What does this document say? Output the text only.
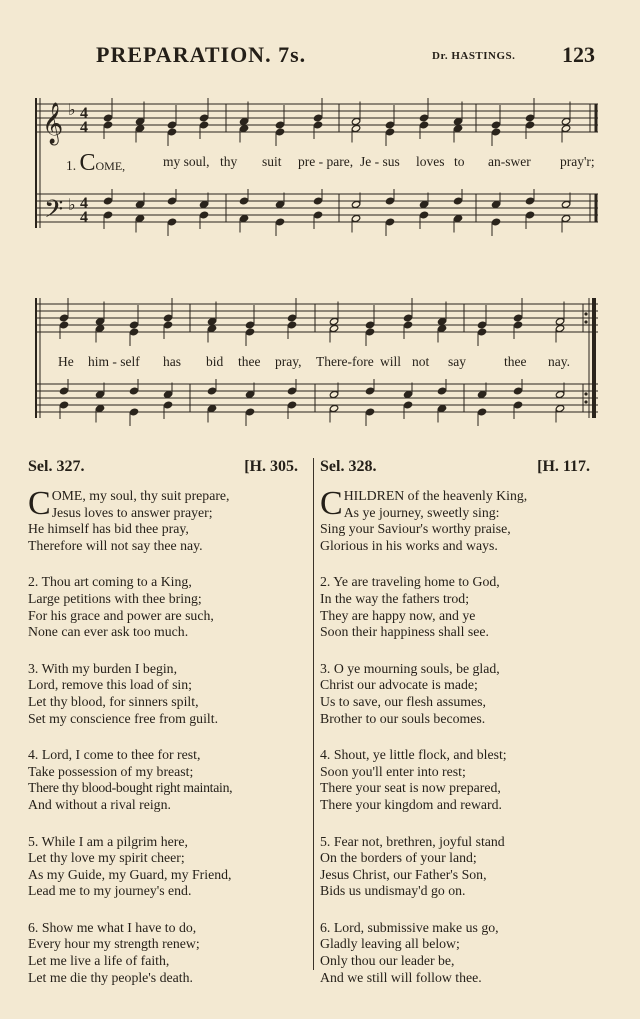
PREPARATION. 7s.	Dr. HASTINGS. 123
𝄞
𝄢
♭
♭
4
4
4
4
1. COME,	my soul, thy suit pre - pare, Je - sus loves to an-swer pray'r;
He him - self has bid thee pray, There-fore will not say	thee nay.
Sel. 327.	[H. 305.
C OME, my soul, thy suit prepare,
Jesus loves to answer prayer;
He himself has bid thee pray,
Therefore will not say thee nay.
2. Thou art coming to a King,
Large petitions with thee bring;
For his grace and power are such,
None can ever ask too much.
3. With my burden I begin,
Lord, remove this load of sin;
Let thy blood, for sinners spilt,
Set my conscience free from guilt.
4. Lord, I come to thee for rest,
Take possession of my breast;
There thy blood-bought right maintain,
And without a rival reign.
5. While I am a pilgrim here,
Let thy love my spirit cheer;
As my Guide, my Guard, my Friend,
Lead me to my journey's end.
6. Show me what I have to do,
Every hour my strength renew;
Let me live a life of faith,
Let me die thy people's death.
Sel. 328.	[H. 117.
C HILDREN of the heavenly King,
As ye journey, sweetly sing:
Sing your Saviour's worthy praise,
Glorious in his works and ways.
2. Ye are traveling home to God,
In the way the fathers trod;
They are happy now, and ye
Soon their happiness shall see.
3. O ye mourning souls, be glad,
Christ our advocate is made;
Us to save, our flesh assumes,
Brother to our souls becomes.
4. Shout, ye little flock, and blest;
Soon you'll enter into rest;
There your seat is now prepared,
There your kingdom and reward.
5. Fear not, brethren, joyful stand
On the borders of your land;
Jesus Christ, our Father's Son,
Bids us undismay'd go on.
6. Lord, submissive make us go,
Gladly leaving all below;
Only thou our leader be,
And we still will follow thee.
